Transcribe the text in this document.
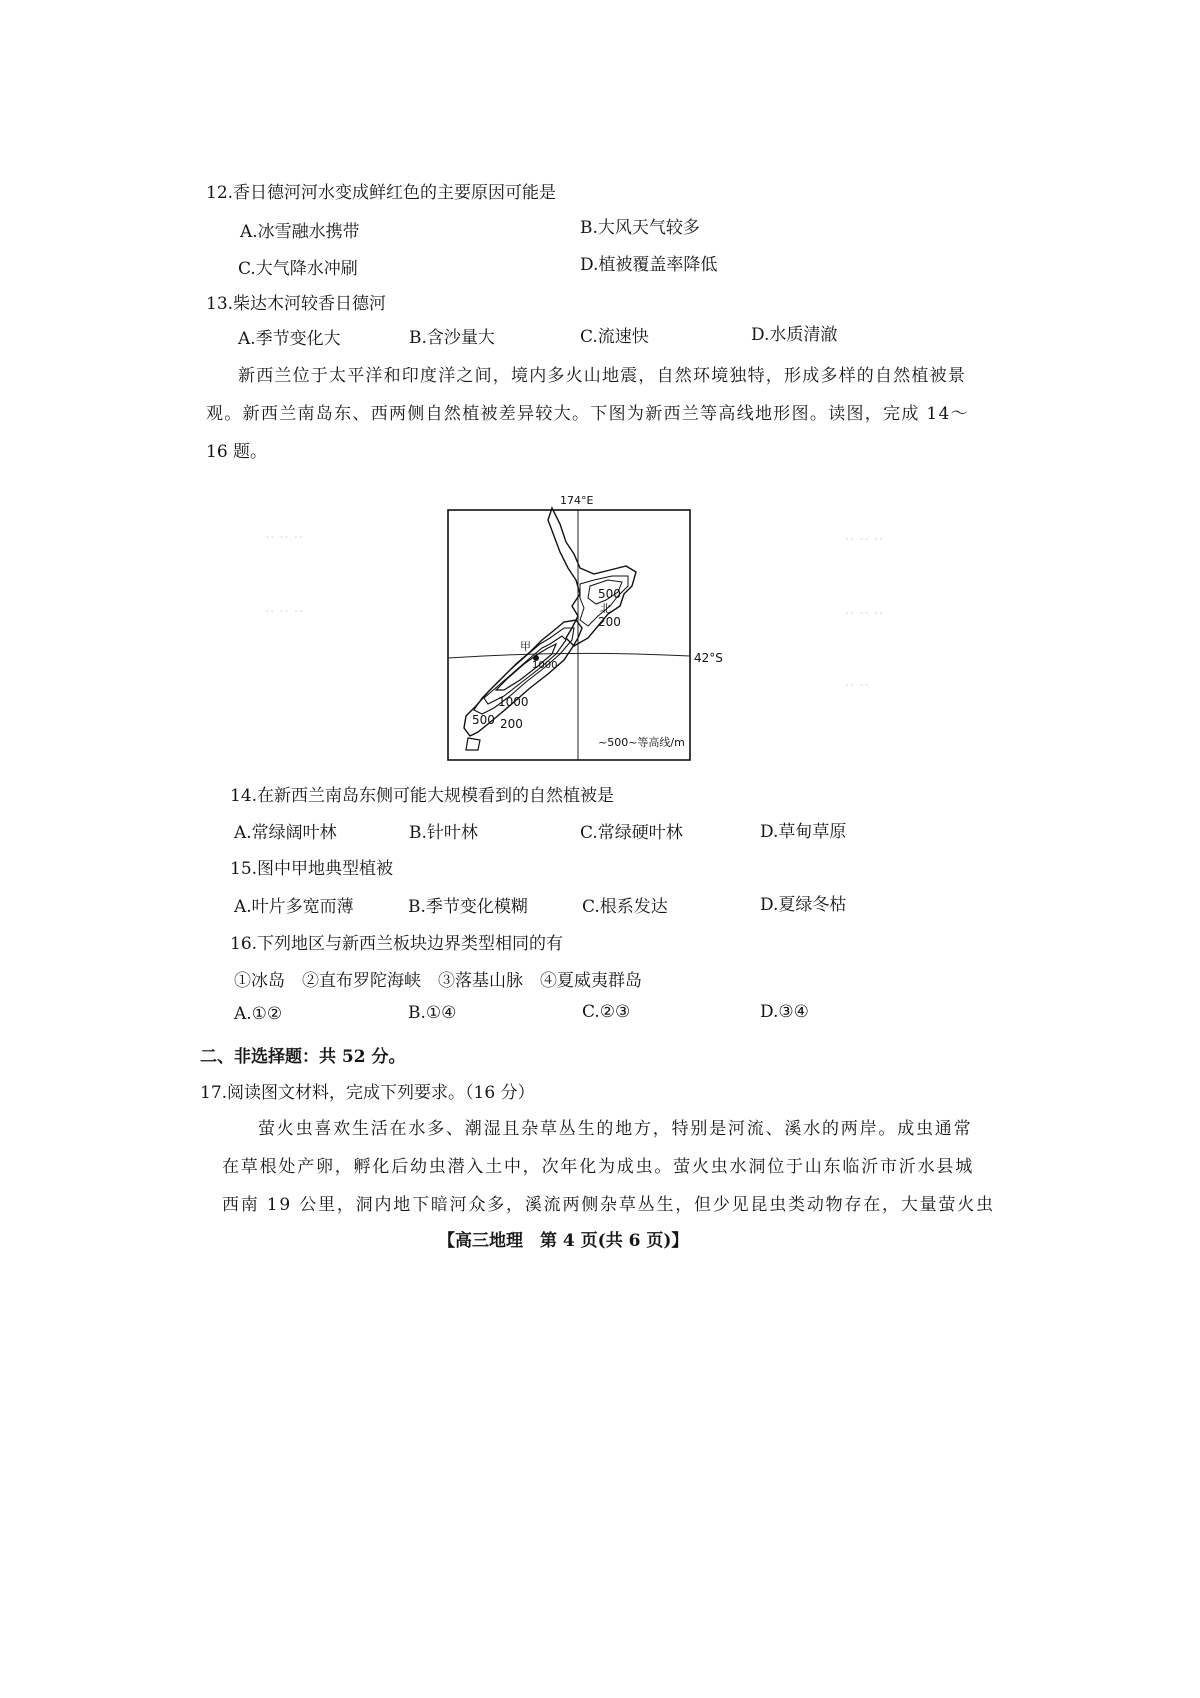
·· ·· ··
·· ·· ··
·· ·· ··
·· ·· ··
·· ··
12.香日德河河水变成鲜红色的主要原因可能是
A.冰雪融水携带	B.大风天气较多
C.大气降水冲刷	D.植被覆盖率降低
13.柴达木河较香日德河
A.季节变化大	B.含沙量大	C.流速快	D.水质清澈
新西兰位于太平洋和印度洋之间，境内多火山地震，自然环境独特，形成多样的自然植被景
观。新西兰南岛东、西两侧自然植被差异较大。下图为新西兰等高线地形图。读图，完成 14～
16 题。
174°E
42°S
500
北
200
甲
1000
1000
500 200
~500~等高线/m
14.在新西兰南岛东侧可能大规模看到的自然植被是
A.常绿阔叶林	B.针叶林	C.常绿硬叶林	D.草甸草原
15.图中甲地典型植被
A.叶片多宽而薄	B.季节变化模糊	C.根系发达	D.夏绿冬枯
16.下列地区与新西兰板块边界类型相同的有
①冰岛　②直布罗陀海峡　③落基山脉　④夏威夷群岛
A.①②	B.①④	C.②③	D.③④
二、非选择题：共 52 分。
17.阅读图文材料，完成下列要求。（16 分）
萤火虫喜欢生活在水多、潮湿且杂草丛生的地方，特别是河流、溪水的两岸。成虫通常
在草根处产卵，孵化后幼虫潜入土中，次年化为成虫。萤火虫水洞位于山东临沂市沂水县城
西南 19 公里，洞内地下暗河众多，溪流两侧杂草丛生，但少见昆虫类动物存在，大量萤火虫
【高三地理　第 4 页(共 6 页)】
